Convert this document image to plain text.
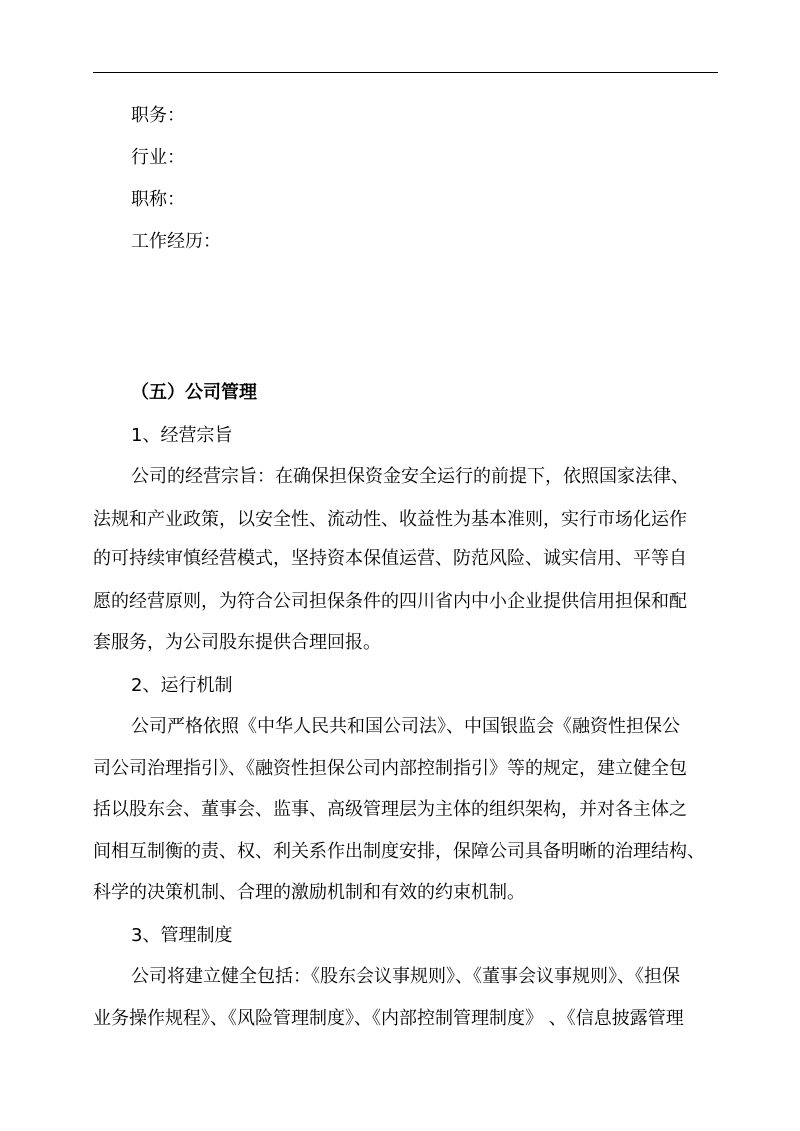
职务：
行业：
职称：
工作经历：
（五）公司管理
1、经营宗旨
公司的经营宗旨：在确保担保资金安全运行的前提下，依照国家法律、
法规和产业政策，以安全性、流动性、收益性为基本准则，实行市场化运作
的可持续审慎经营模式，坚持资本保值运营、防范风险、诚实信用、平等自
愿的经营原则，为符合公司担保条件的四川省内中小企业提供信用担保和配
套服务，为公司股东提供合理回报。
2、运行机制
公司严格依照《中华人民共和国公司法》、中国银监会《融资性担保公
司公司治理指引》、《融资性担保公司内部控制指引》等的规定，建立健全包
括以股东会、董事会、监事、高级管理层为主体的组织架构，并对各主体之
间相互制衡的责、权、利关系作出制度安排，保障公司具备明晰的治理结构、
科学的决策机制、合理的激励机制和有效的约束机制。
3、管理制度
公司将建立健全包括：《股东会议事规则》、《董事会议事规则》、《担保
业务操作规程》、《风险管理制度》、《内部控制管理制度》 、《信息披露管理
